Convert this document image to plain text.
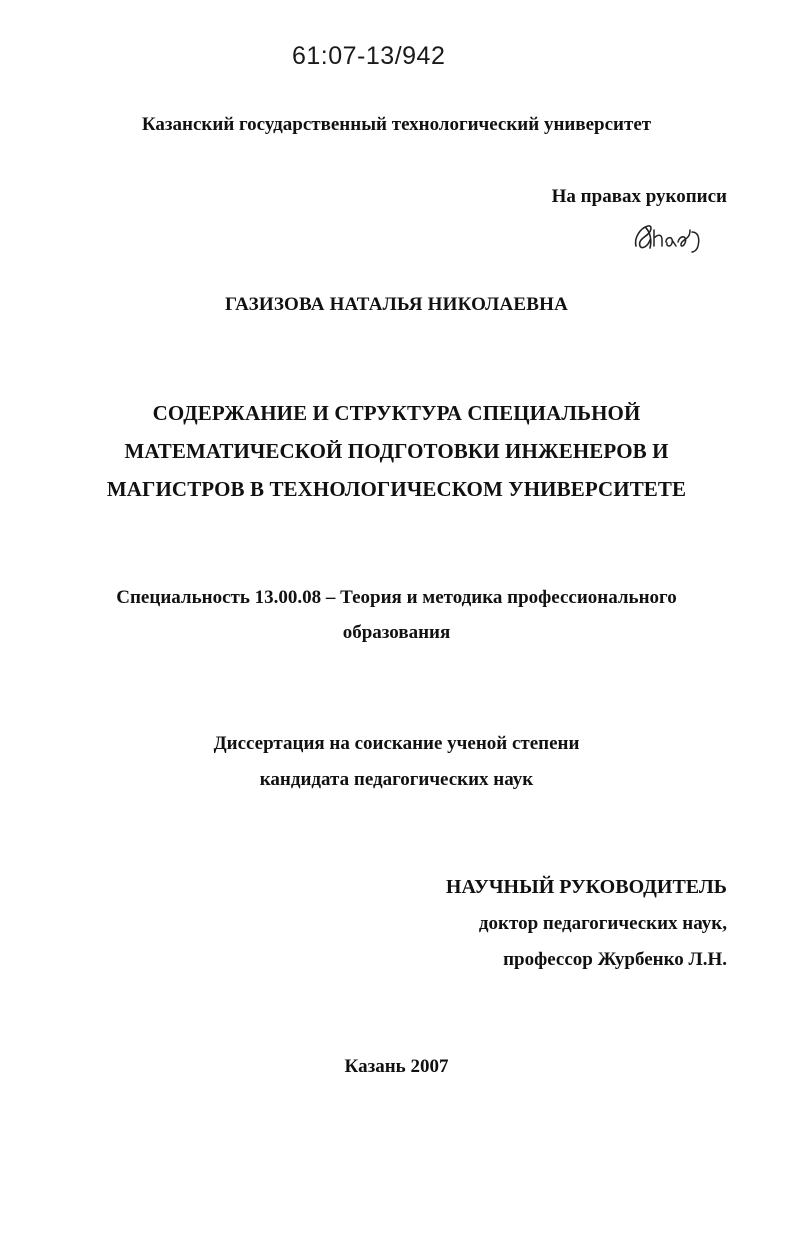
61:07-13/942
Казанский государственный технологический университет
На правах рукописи
ГАЗИЗОВА НАТАЛЬЯ НИКОЛАЕВНА
СОДЕРЖАНИЕ И СТРУКТУРА СПЕЦИАЛЬНОЙ
МАТЕМАТИЧЕСКОЙ ПОДГОТОВКИ ИНЖЕНЕРОВ И
МАГИСТРОВ В ТЕХНОЛОГИЧЕСКОМ УНИВЕРСИТЕТЕ
Специальность 13.00.08 – Теория и методика профессионального
образования
Диссертация на соискание ученой степени
кандидата педагогических наук
НАУЧНЫЙ РУКОВОДИТЕЛЬ
доктор педагогических наук,
профессор Журбенко Л.Н.
Казань 2007
